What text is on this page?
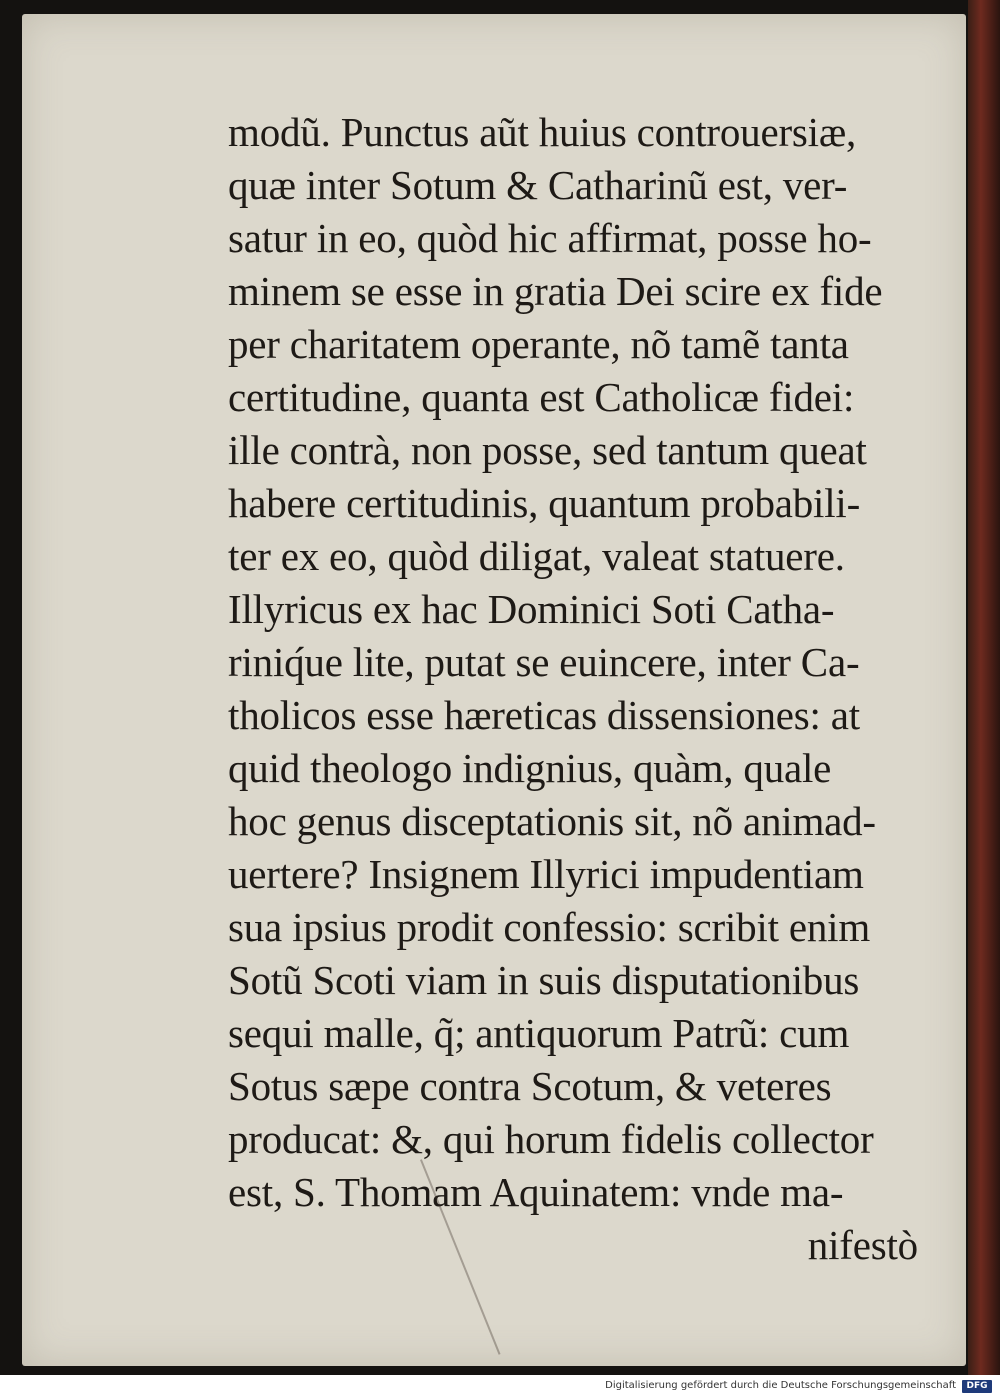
modũ. Punctus aũt huius controuersiæ,
quæ inter Sotum & Catharinũ est, ver-
satur in eo, quòd hic affirmat, posse ho-
minem se esse in gratia Dei scire ex fide
per charitatem operante, nõ tamẽ tanta
certitudine, quanta est Catholicæ fidei:
ille contrà, non posse, sed tantum queat
habere certitudinis, quantum probabili-
ter ex eo, quòd diligat, valeat statuere.
Illyricus ex hac Dominici Soti Catha-
riniq́ue lite, putat se euincere, inter Ca-
tholicos esse hæreticas dissensiones: at
quid theologo indignius, quàm, quale
hoc genus disceptationis sit, nõ animad-
uertere? Insignem Illyrici impudentiam
sua ipsius prodit confessio: scribit enim
Sotũ Scoti viam in suis disputationibus
sequi malle, q̃; antiquorum Patrũ: cum
Sotus sæpe contra Scotum, & veteres
producat: &, qui horum fidelis collector
est, S. Thomam Aquinatem: vnde ma-
nifestò
Digitalisierung gefördert durch die Deutsche Forschungsgemeinschaft	DFG
